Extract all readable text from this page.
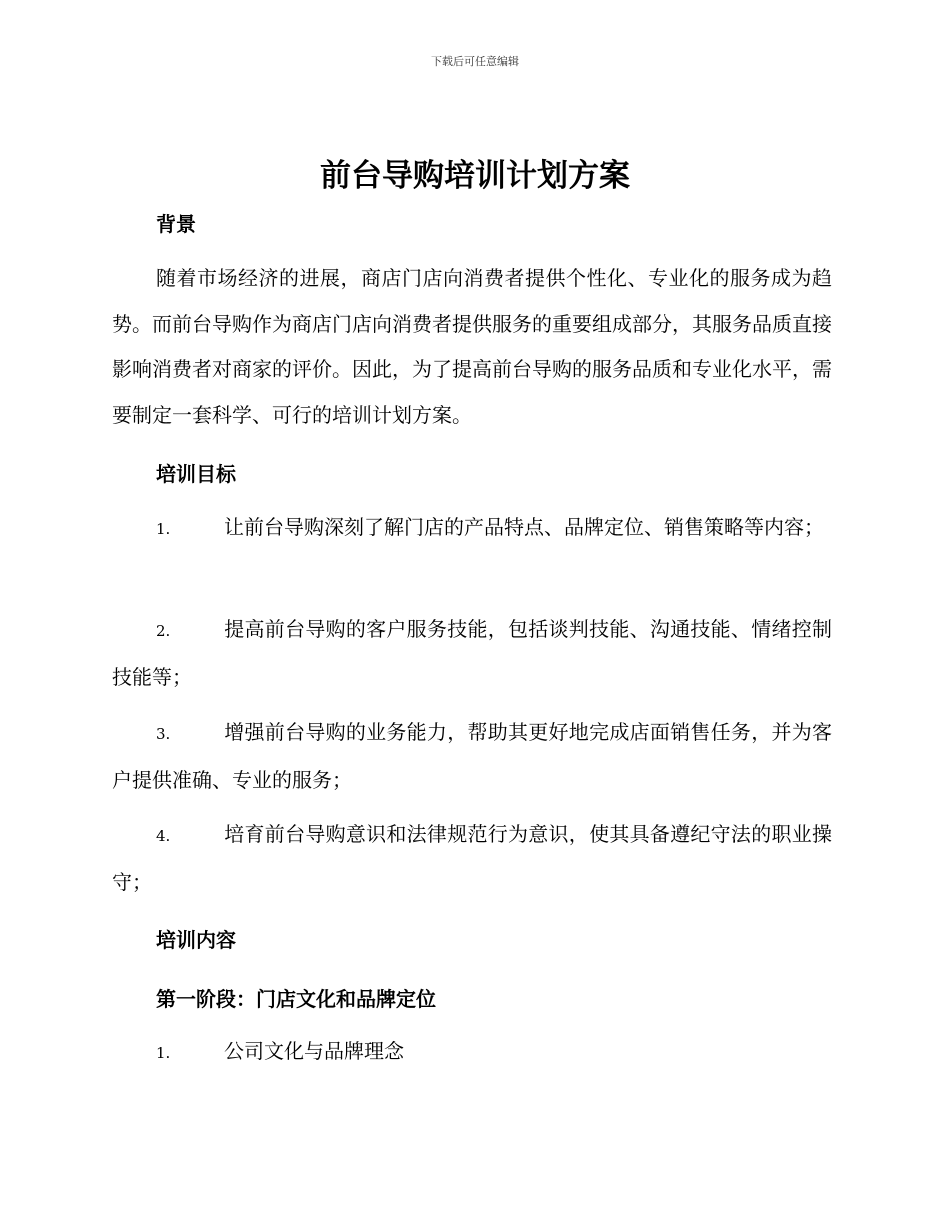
下载后可任意编辑
前台导购培训计划方案
背景
随着市场经济的进展，商店门店向消费者提供个性化、专业化的服务成为趋势。而前台导购作为商店门店向消费者提供服务的重要组成部分，其服务品质直接影响消费者对商家的评价。因此，为了提高前台导购的服务品质和专业化水平，需要制定一套科学、可行的培训计划方案。
培训目标
1.	让前台导购深刻了解门店的产品特点、品牌定位、销售策略等内容；
2.	提高前台导购的客户服务技能，包括谈判技能、沟通技能、情绪控制技能等；
3.	增强前台导购的业务能力，帮助其更好地完成店面销售任务，并为客户提供准确、专业的服务；
4.	培育前台导购意识和法律规范行为意识，使其具备遵纪守法的职业操守；
培训内容
第一阶段：门店文化和品牌定位
1.	公司文化与品牌理念
